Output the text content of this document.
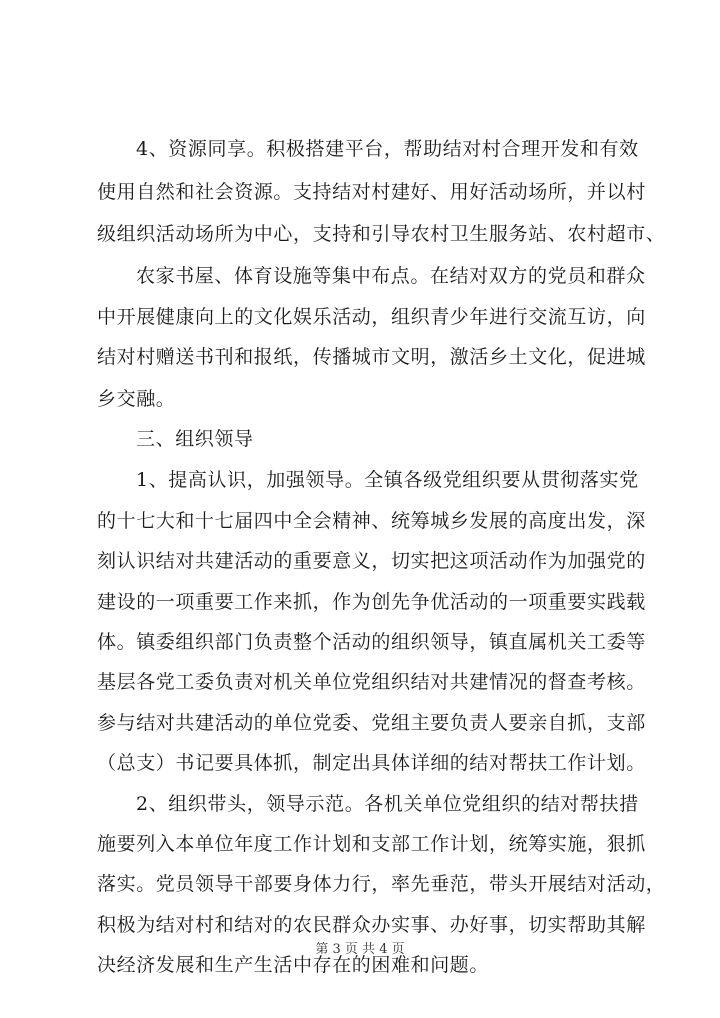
4、资源同享。积极搭建平台，帮助结对村合理开发和有效
使用自然和社会资源。支持结对村建好、用好活动场所，并以村
级组织活动场所为中心，支持和引导农村卫生服务站、农村超市、
农家书屋、体育设施等集中布点。在结对双方的党员和群众
中开展健康向上的文化娱乐活动，组织青少年进行交流互访，向
结对村赠送书刊和报纸，传播城市文明，激活乡土文化，促进城
乡交融。
三、组织领导
1、提高认识，加强领导。全镇各级党组织要从贯彻落实党
的十七大和十七届四中全会精神、统筹城乡发展的高度出发，深
刻认识结对共建活动的重要意义，切实把这项活动作为加强党的
建设的一项重要工作来抓，作为创先争优活动的一项重要实践载
体。镇委组织部门负责整个活动的组织领导，镇直属机关工委等
基层各党工委负责对机关单位党组织结对共建情况的督查考核。
参与结对共建活动的单位党委、党组主要负责人要亲自抓，支部
（总支）书记要具体抓，制定出具体详细的结对帮扶工作计划。
2、组织带头，领导示范。各机关单位党组织的结对帮扶措
施要列入本单位年度工作计划和支部工作计划，统筹实施，狠抓
落实。党员领导干部要身体力行，率先垂范，带头开展结对活动，
积极为结对村和结对的农民群众办实事、办好事，切实帮助其解
决经济发展和生产生活中存在的困难和问题。
第 3 页 共 4 页
